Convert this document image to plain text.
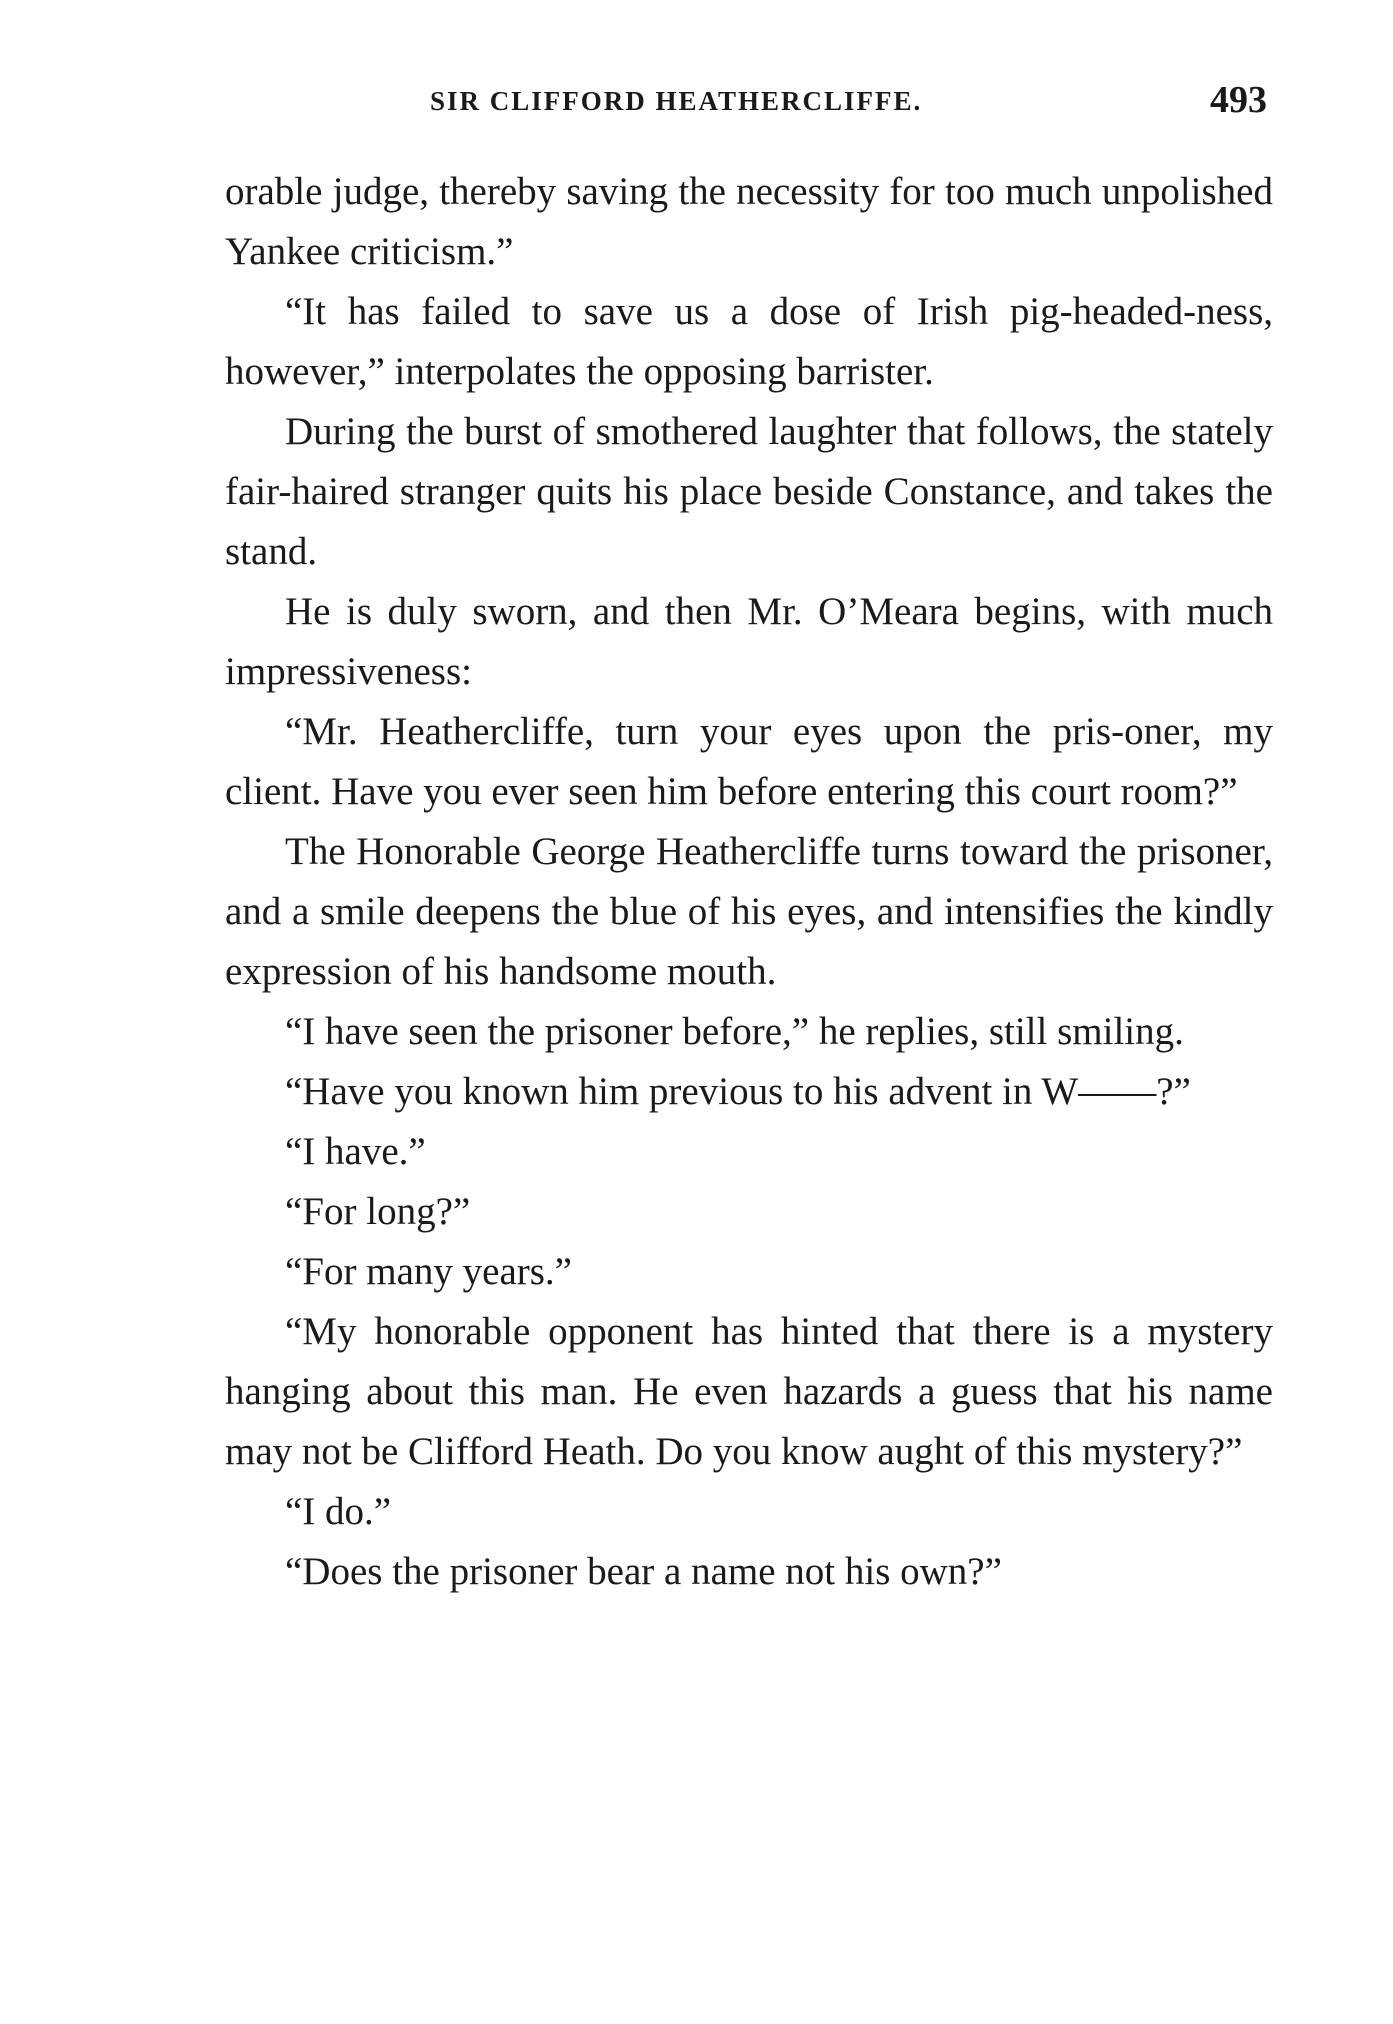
SIR CLIFFORD HEATHERCLIFFE.	493

orable judge, thereby saving the necessity for too much unpolished Yankee criticism.”

“It has failed to save us a dose of Irish pig-headed-ness, however,” interpolates the opposing barrister.

During the burst of smothered laughter that follows, the stately fair-haired stranger quits his place beside Constance, and takes the stand.

He is duly sworn, and then Mr. O’Meara begins, with much impressiveness:

“Mr. Heathercliffe, turn your eyes upon the pris-oner, my client. Have you ever seen him before entering this court room?”

The Honorable George Heathercliffe turns toward the prisoner, and a smile deepens the blue of his eyes, and intensifies the kindly expression of his handsome mouth.

“I have seen the prisoner before,” he replies, still smiling.

“Have you known him previous to his advent in W——?”

“I have.”

“For long?”

“For many years.”

“My honorable opponent has hinted that there is a mystery hanging about this man. He even hazards a guess that his name may not be Clifford Heath. Do you know aught of this mystery?”

“I do.”

“Does the prisoner bear a name not his own?”
